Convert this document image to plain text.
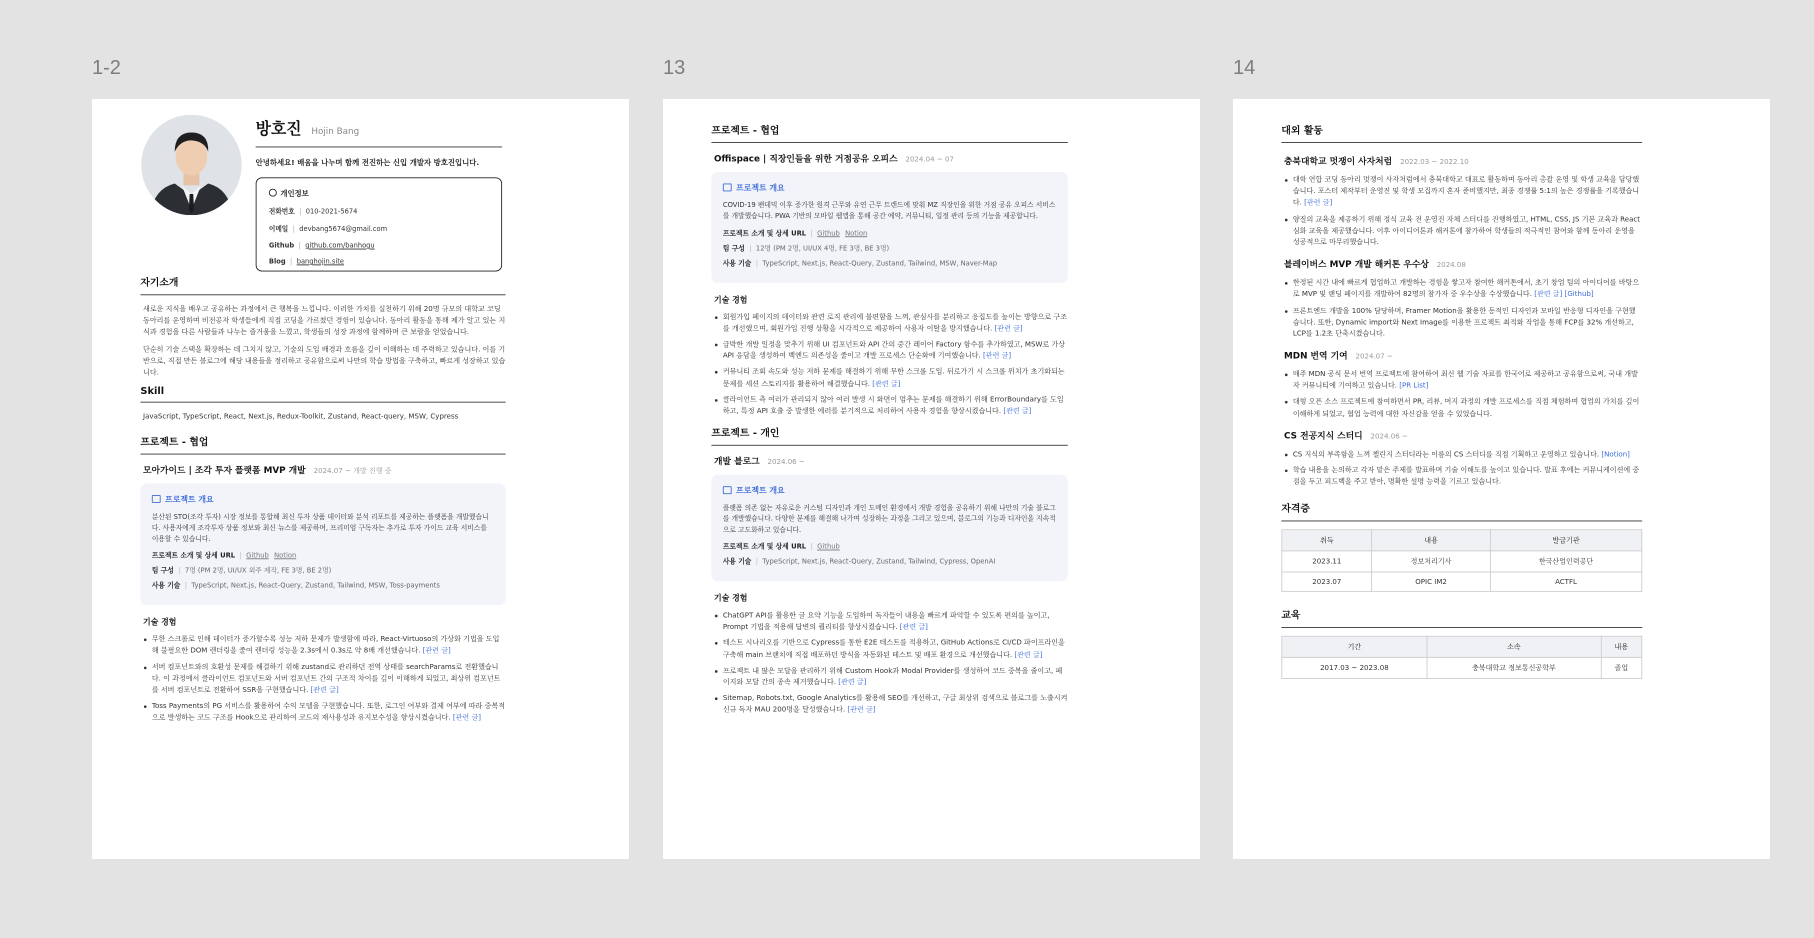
1-2	13	14
방호진 Hojin Bang
안녕하세요! 배움을 나누며 함께 전진하는 신입 개발자 방호진입니다.
개인정보
전화번호 | 010-2021-5674
이메일 | devbang5674@gmail.com
Github | github.com/banhogu
Blog | banghojin.site
자기소개

새로운 지식을 배우고 공유하는 과정에서 큰 행복을 느낍니다. 이러한 가치를 실천하기 위해 20명 규모의 대학교 코딩 동아리를 운영하며 비전공자 학생들에게 직접 코딩을 가르쳤던 경험이 있습니다. 동아리 활동을 통해 제가 알고 있는 지식과 경험을 다른 사람들과 나누는 즐거움을 느꼈고, 학생들의 성장 과정에 함께하며 큰 보람을 얻었습니다.

단순히 기술 스택을 확장하는 데 그치지 않고, 기술의 도입 배경과 흐름을 깊이 이해하는 데 주력하고 있습니다. 이를 기반으로, 직접 만든 블로그에 해당 내용들을 정리하고 공유함으로써 나만의 학습 방법을 구축하고, 빠르게 성장하고 있습니다.

Skill

JavaScript, TypeScript, React, Next.js, Redux-Toolkit, Zustand, React-query, MSW, Cypress

프로젝트 - 협업
모아가이드 | 조각 투자 플랫폼 MVP 개발 2024.07 ~ 개발 진행 중
프로젝트 개요
분산된 STO(조각 투자) 시장 정보를 통합해 최신 투자 상품 데이터와 분석 리포트를 제공하는 플랫폼을 개발했습니다. 사용자에게 조각투자 상품 정보와 최신 뉴스를 제공하며, 프리미엄 구독자는 추가로 투자 가이드 교육 서비스를 이용할 수 있습니다.
프로젝트 소개 및 상세 URL | Github Notion
팀 구성 | 7명 (PM 2명, UI/UX 외주 제작, FE 3명, BE 2명)
사용 기술 | TypeScript, Next.js, React-Query, Zustand, Tailwind, MSW, Toss-payments
기술 경험
무한 스크롤로 인해 데이터가 증가할수록 성능 저하 문제가 발생함에 따라, React-Virtuoso의 가상화 기법을 도입해 불필요한 DOM 렌더링을 줄여 렌더링 성능을 2.3s에서 0.3s로 약 8배 개선했습니다. [ 관련 글 ]
서버 컴포넌트와의 호환성 문제를 해결하기 위해 zustand로 관리하던 전역 상태를 searchParams로 전환했습니다. 이 과정에서 클라이언트 컴포넌트와 서버 컴포넌트 간의 구조적 차이를 깊이 이해하게 되었고, 최상위 컴포넌트를 서버 컴포넌트로 전환하여 SSR을 구현했습니다. [ 관련 글 ]
Toss Payments의 PG 서비스를 활용하여 수익 모델을 구현했습니다. 또한, 로그인 여부와 결제 여부에 따라 중복적으로 발생하는 코드 구조를 Hook으로 관리하여 코드의 재사용성과 유지보수성을 향상시켰습니다. [ 관련 글 ]
프로젝트 - 협업
Offispace | 직장인들을 위한 거점공유 오피스 2024.04 ~ 07
프로젝트 개요
COVID-19 팬데믹 이후 증가한 원격 근무와 유연 근무 트렌드에 맞춰 MZ 직장인을 위한 거점 공유 오피스 서비스를 개발했습니다. PWA 기반의 모바일 웹앱을 통해 공간 예약, 커뮤니티, 일정 관리 등의 기능을 제공합니다.
프로젝트 소개 및 상세 URL | Github Notion
팀 구성 | 12명 (PM 2명, UI/UX 4명, FE 3명, BE 3명)
사용 기술 | TypeScript, Next.js, React-Query, Zustand, Tailwind, MSW, Naver-Map
기술 경험
회원가입 페이지의 데이터와 관련 로직 관리에 불편함을 느껴, 관심사를 분리하고 응집도를 높이는 방향으로 구조를 개선했으며, 회원가입 진행 상황을 시각적으로 제공하여 사용자 이탈을 방지했습니다. [ 관련 글 ]
급박한 개발 일정을 맞추기 위해 UI 컴포넌트와 API 간의 중간 레이어 Factory 함수를 추가하였고, MSW로 가상 API 응답을 생성하여 백엔드 의존성을 줄이고 개발 프로세스 단순화에 기여했습니다. [ 관련 글 ]
커뮤니티 조회 속도와 성능 저하 문제를 해결하기 위해 무한 스크롤 도입. 뒤로가기 시 스크롤 위치가 초기화되는 문제를 세션 스토리지를 활용하여 해결했습니다. [ 관련 글 ]
클라이언트 측 여러가 관리되지 않아 여러 발생 시 화면이 멈추는 문제를 해결하기 위해 ErrorBoundary를 도입하고, 특정 API 호출 중 발생한 에러를 분기적으로 처리하여 사용자 경험을 향상시켰습니다. [ 관련 글 ]
프로젝트 - 개인
개발 블로그 2024.06 ~
프로젝트 개요
플랫폼 의존 없는 자유로운 커스텀 디자인과 개인 도메인 환경에서 개발 경험을 공유하기 위해 나만의 기술 블로그를 개발했습니다. 다양한 문제를 해결해 나가며 성장하는 과정을 그리고 있으며, 블로그의 기능과 디자인을 지속적으로 고도화하고 있습니다.
프로젝트 소개 및 상세 URL | Github
사용 기술 | TypeScript, Next.js, React-Query, Zustand, Tailwind, Cypress, OpenAI
기술 경험
ChatGPT API를 활용한 글 요약 기능을 도입하여 독자들이 내용을 빠르게 파악할 수 있도록 편의를 높이고, Prompt 기법을 적용해 답변의 퀄리티를 향상시켰습니다. [ 관련 글 ]
테스트 시나리오를 기반으로 Cypress를 통한 E2E 테스트를 적용하고, GitHub Actions로 CI/CD 파이프라인을 구축해 main 브랜치에 직접 배포하던 방식을 자동화된 테스트 및 배포 환경으로 개선했습니다. [ 관련 글 ]
프로젝트 내 많은 모달을 관리하기 위해 Custom Hook과 Modal Provider를 생성하여 코드 중복을 줄이고, 페이지와 모달 간의 종속 제거했습니다. [ 관련 글 ]
Sitemap, Robots.txt, Google Analytics를 활용해 SEO를 개선하고, 구글 최상위 검색으로 블로그를 노출시켜 신규 독자 MAU 200명을 달성했습니다. [ 관련 글 ]
대외 활동
충북대학교 멋쟁이 사자처럼 2022.03 ~ 2022.10
대학 연합 코딩 동아리 멋쟁이 사자처럼에서 충북대학교 대표로 활동하며 동아리 총괄 운영 및 학생 교육을 담당했습니다. 포스터 제작부터 운영진 및 학생 모집까지 혼자 준비했지만, 최종 경쟁률 5:1의 높은 경쟁률을 기록했습니다. [ 관련 글 ]
양질의 교육을 제공하기 위해 정식 교육 전 운영진 자체 스터디를 진행하였고, HTML, CSS, JS 기본 교육과 React 심화 교육을 제공했습니다. 이후 아이디어톤과 해커톤에 참가하여 학생들의 적극적인 참여와 함께 동아리 운영을 성공적으로 마무리했습니다.
블레이버스 MVP 개발 해커톤 우수상 2024.08
한정된 시간 내에 빠르게 협업하고 개발하는 경험을 쌓고자 참여한 해커톤에서, 초기 창업 팀의 아이디어를 바탕으로 MVP 및 랜딩 페이지를 개발하여 82명의 참가자 중 우수상을 수상했습니다. [ 관련 글 ] [ Github ]
프론트엔드 개발을 100% 담당하며, Framer Motion을 활용한 동적인 디자인과 모바일 반응형 디자인을 구현했습니다. 또한, Dynamic import와 Next Image를 이용한 프로젝트 최적화 작업을 통해 FCP를 32% 개선하고, LCP를 1.2초 단축시켰습니다.
MDN 번역 기여 2024.07 ~
매주 MDN 공식 문서 번역 프로젝트에 참여하여 최신 웹 기술 자료를 한국어로 제공하고 공유함으로써, 국내 개발자 커뮤니티에 기여하고 있습니다. [ PR List ]
대형 오픈 소스 프로젝트에 참여하면서 PR, 리뷰, 머지 과정의 개발 프로세스를 직접 체험하며 협업의 가치를 깊이 이해하게 되었고, 협업 능력에 대한 자신감을 얻을 수 있었습니다.
CS 전공지식 스터디 2024.06 ~
CS 지식의 부족함을 느껴 챌린지 스터디라는 이름의 CS 스터디를 직접 기획하고 운영하고 있습니다. [ Notion ]
학습 내용을 논의하고 각자 맡은 주제를 발표하며 기술 이해도를 높이고 있습니다. 발표 후에는 커뮤니케이션에 중점을 두고 피드백을 주고 받아, 명확한 설명 능력을 기르고 있습니다.
자격증
취득	내용	발급기관
2023.11	정보처리기사	한국산업인력공단
2023.07	OPIC IM2	ACTFL
교육
기간	소속	내용
2017.03 ~ 2023.08	충북대학교 정보통신공학부	졸업
